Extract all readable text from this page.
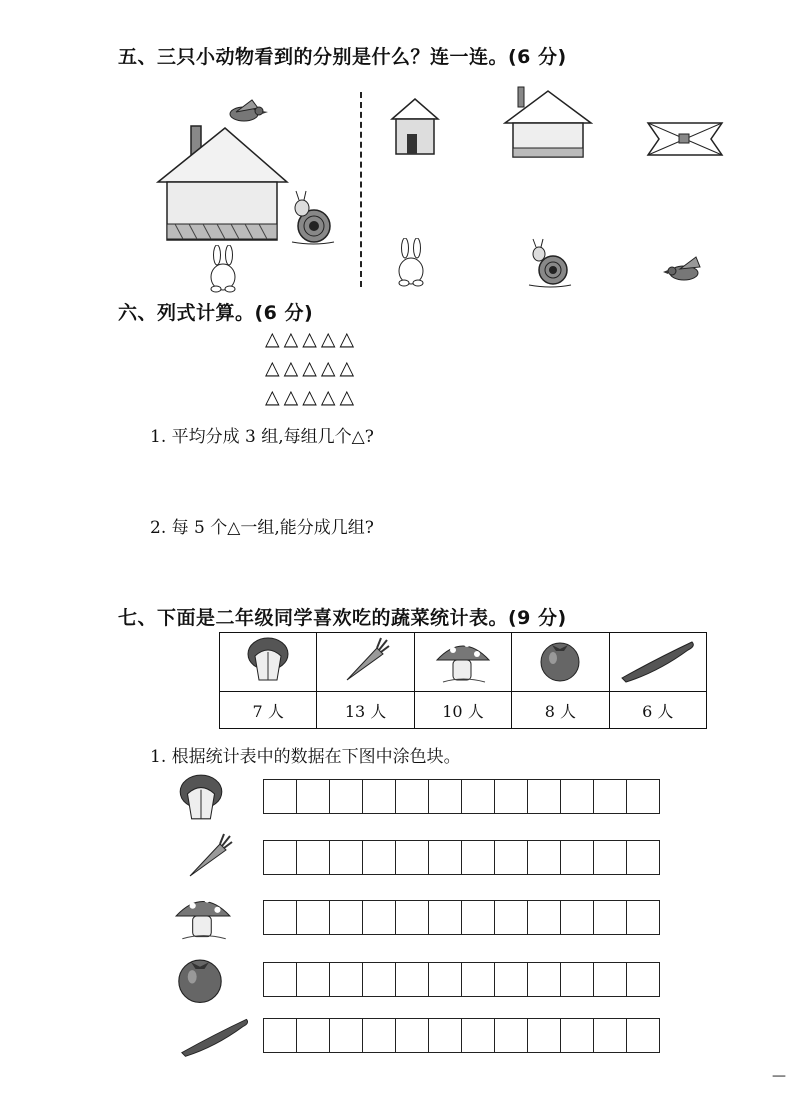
五、三只小动物看到的分别是什么？连一连。(6 分)
六、列式计算。(6 分)
△△△△△
△△△△△
△△△△△
1. 平均分成 3 组,每组几个△?
2. 每 5 个△一组,能分成几组?
七、下面是二年级同学喜欢吃的蔬菜统计表。(9 分)

7 人	13 人	10 人	8 人	6 人
1. 根据统计表中的数据在下图中涂色块。
—
